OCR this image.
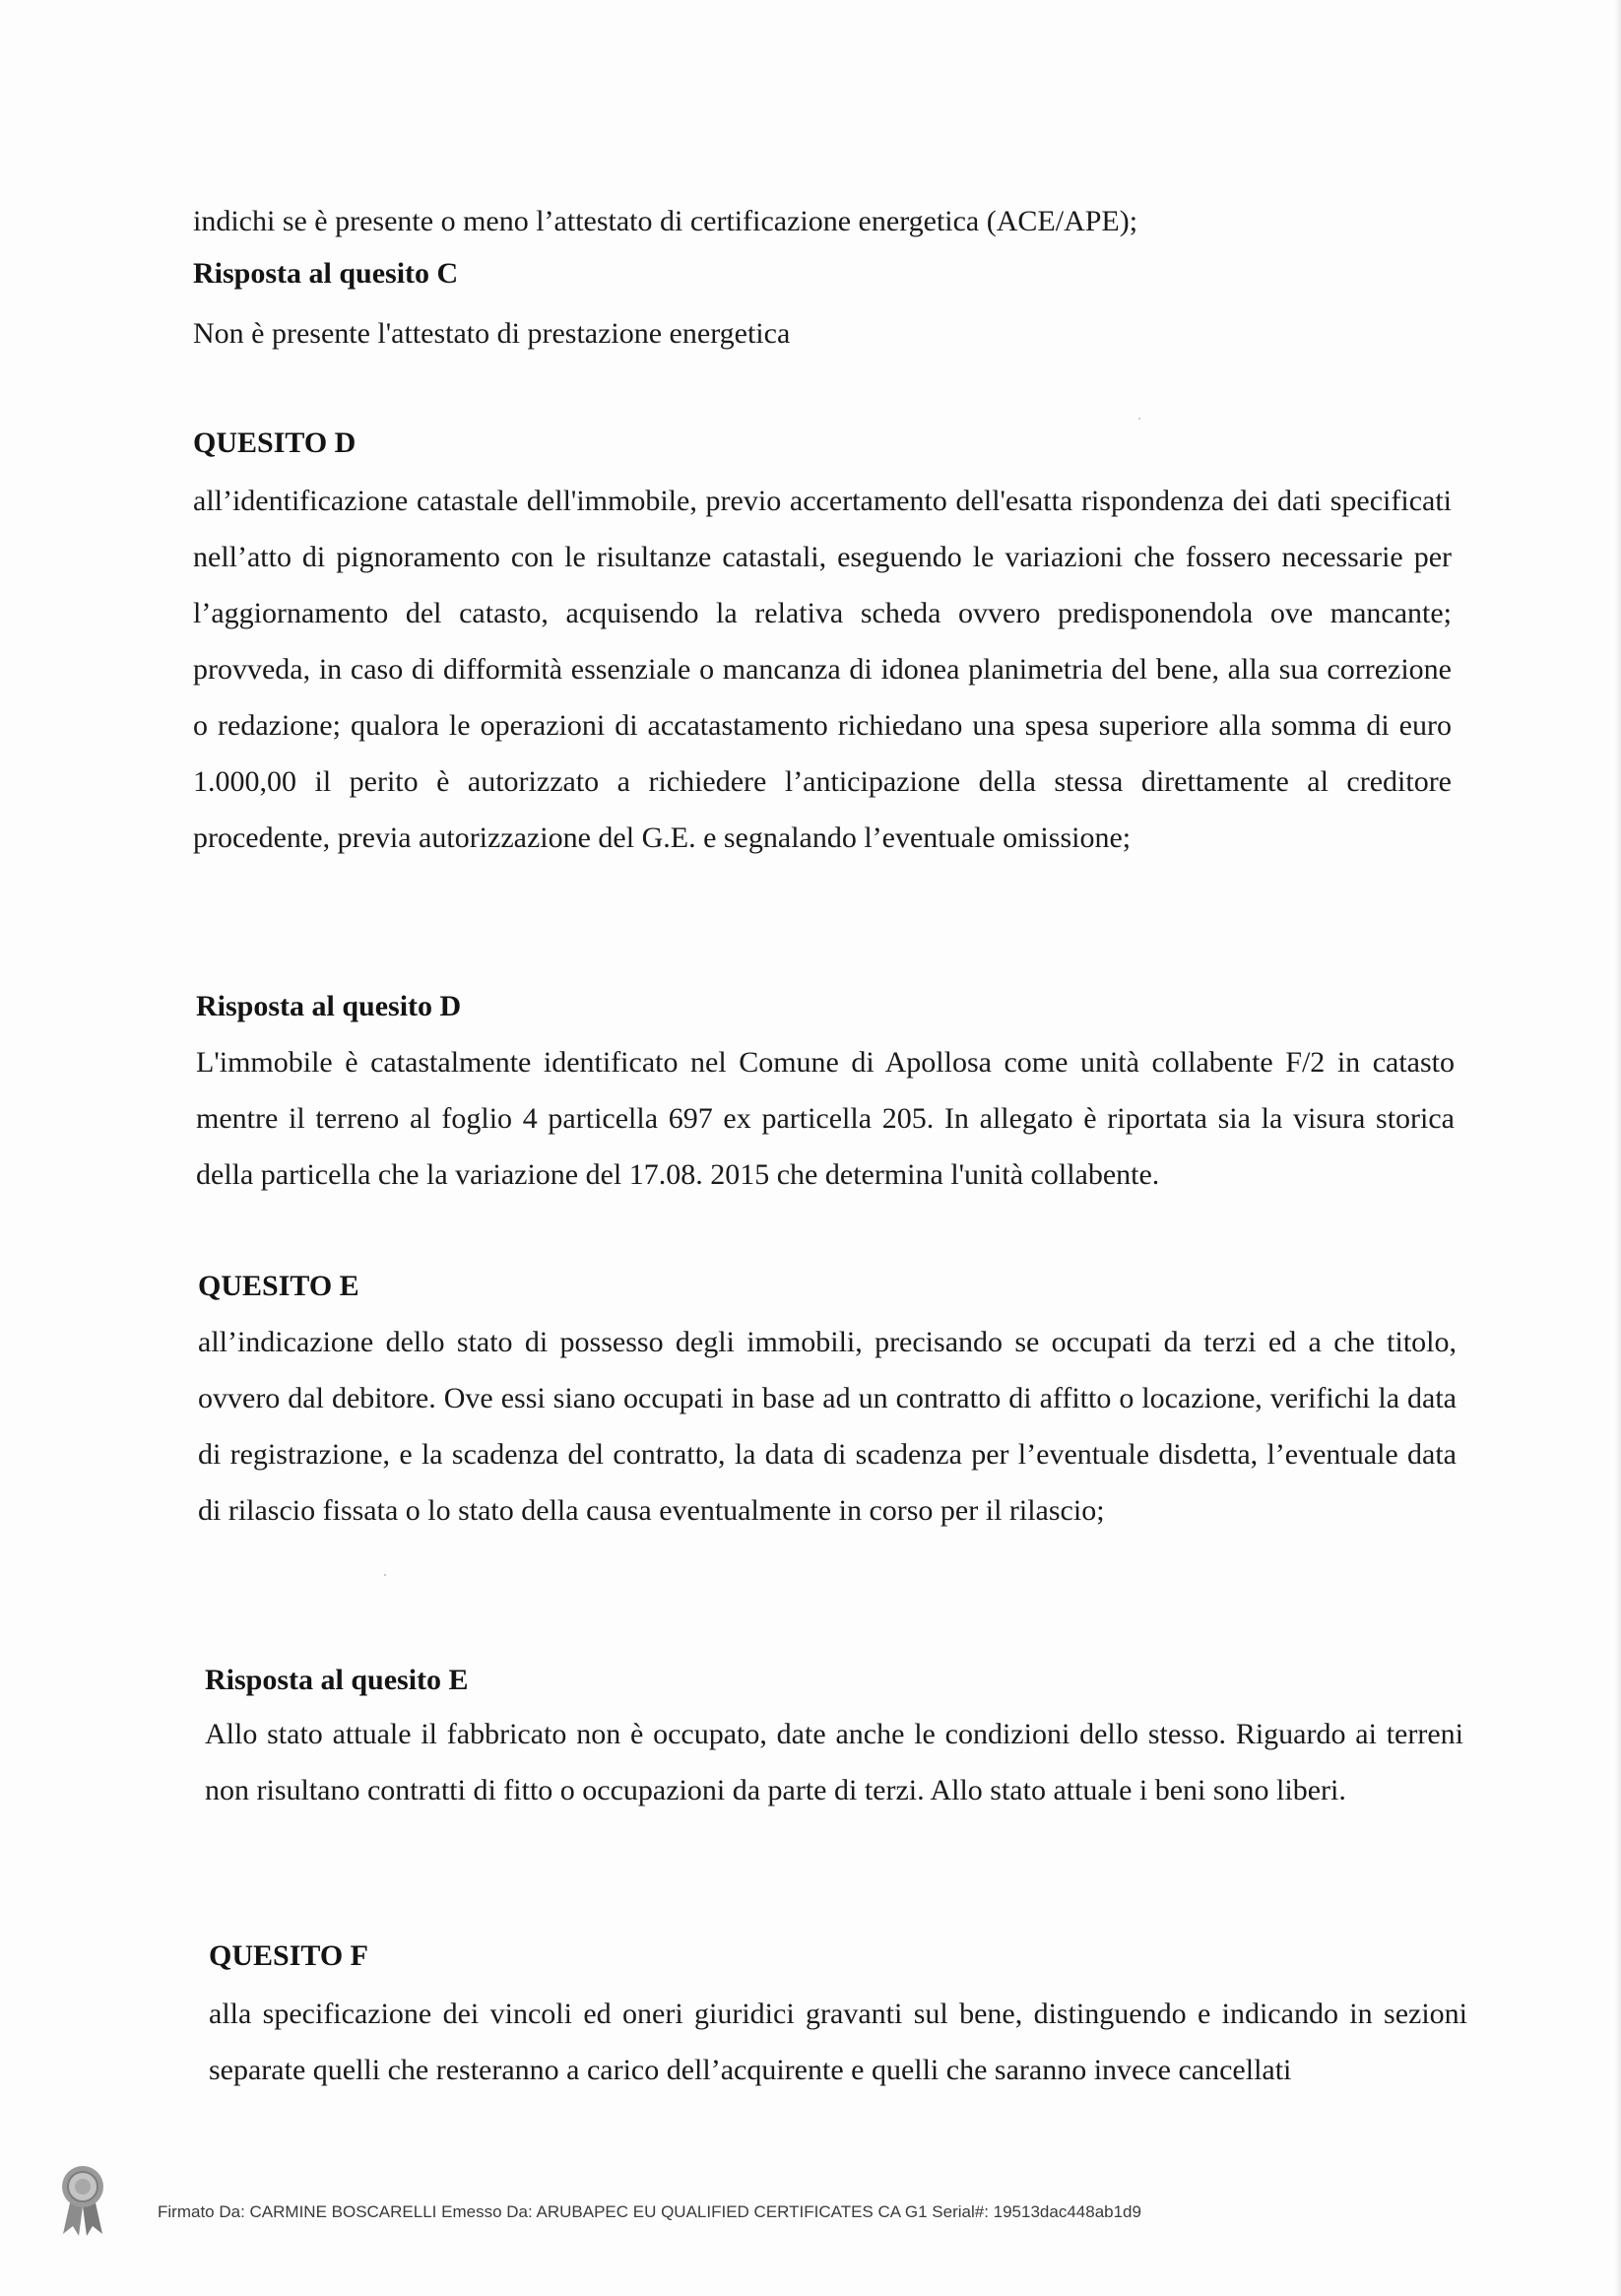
indichi se è presente o meno l’attestato di certificazione energetica (ACE/APE);

Risposta al quesito C

Non è presente l'attestato di prestazione energetica

QUESITO D

all’identificazione catastale dell'immobile, previo accertamento dell'esatta rispondenza dei dati specificati nell’atto di pignoramento con le risultanze catastali, eseguendo le variazioni che fossero necessarie per l’aggiornamento del catasto, acquisendo la relativa scheda ovvero predisponendola ove mancante; provveda, in caso di difformità essenziale o mancanza di idonea planimetria del bene, alla sua correzione o redazione; qualora le operazioni di accatastamento richiedano una spesa superiore alla somma di euro 1.000,00 il perito è autorizzato a richiedere l’anticipazione della stessa direttamente al creditore procedente, previa autorizzazione del G.E. e segnalando l’eventuale omissione;

Risposta al quesito D

L'immobile è catastalmente identificato nel Comune di Apollosa come unità collabente F/2 in catasto mentre il terreno al foglio 4 particella 697 ex particella 205. In allegato è riportata sia la visura storica della particella che la variazione del 17.08. 2015 che determina l'unità collabente.

QUESITO E

all’indicazione dello stato di possesso degli immobili, precisando se occupati da terzi ed a che titolo, ovvero dal debitore. Ove essi siano occupati in base ad un contratto di affitto o locazione, verifichi la data di registrazione, e la scadenza del contratto, la data di scadenza per l’eventuale disdetta, l’eventuale data di rilascio fissata o lo stato della causa eventualmente in corso per il rilascio;

Risposta al quesito E

Allo stato attuale il fabbricato non è occupato, date anche le condizioni dello stesso. Riguardo ai terreni non risultano contratti di fitto o occupazioni da parte di terzi. Allo stato attuale i beni sono liberi.

QUESITO F

alla specificazione dei vincoli ed oneri giuridici gravanti sul bene, distinguendo e indicando in sezioni separate quelli che resteranno a carico dell’acquirente e quelli che saranno invece cancellati

Firmato Da: CARMINE BOSCARELLI Emesso Da: ARUBAPEC EU QUALIFIED CERTIFICATES CA G1 Serial#: 19513dac448ab1d9
